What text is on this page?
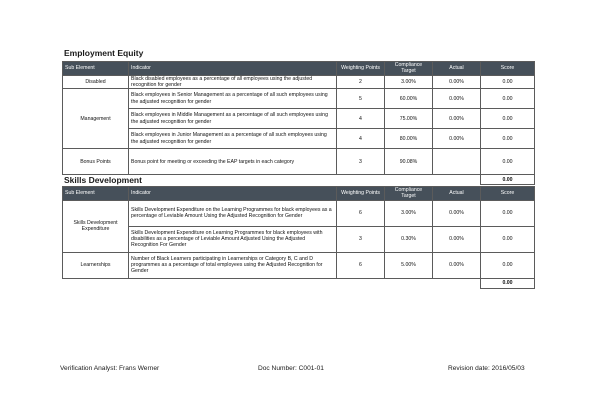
Employment Equity
Sub Element	Indicator	Weighting Points	Compliance Target	Actual	Score
Disabled	Black disabled employees as a percentage of all employees using the adjusted recognition for gender	2	3.00%	0.00%	0.00
Management	Black employees in Senior Management as a percentage of all such employees using the adjusted recognition for gender	5	60.00%	0.00%	0.00
	Black employees in Middle Management as a percentage of all such employees using the adjusted recognition for gender	4	75.00%	0.00%	0.00
	Black employees in Junior Management as a percentage of all such employees using the adjusted recognition for gender	4	80.00%	0.00%	0.00
Bonus Points	Bonus point for meeting or exceeding the EAP targets in each category	3	90.08%		0.00
					0.00
Skills Development
Sub Element	Indicator	Weighting Points	Compliance Target	Actual	Score
Skills Development Expenditure	Skills Development Expenditure on the Learning Programmes for black employees as a percentage of Leviable Amount Using the Adjusted Recognition for Gender	6	3.00%	0.00%	0.00
	Skills Development Expenditure on Learning Programmes for black employees with disabilities as a percentage of Leviable Amount Adjusted Using the Adjusted Recognition For Gender	3	0.30%	0.00%	0.00
Learnerships	Number of Black Learners participating in Learnerships or Category B, C and D programmes as a percentage of total employees using the Adjusted Recognition for Gender	6	5.00%	0.00%	0.00
					0.00
Verification Analyst: Frans Werner	Doc Number: C001-01	Revision date: 2016/05/03
